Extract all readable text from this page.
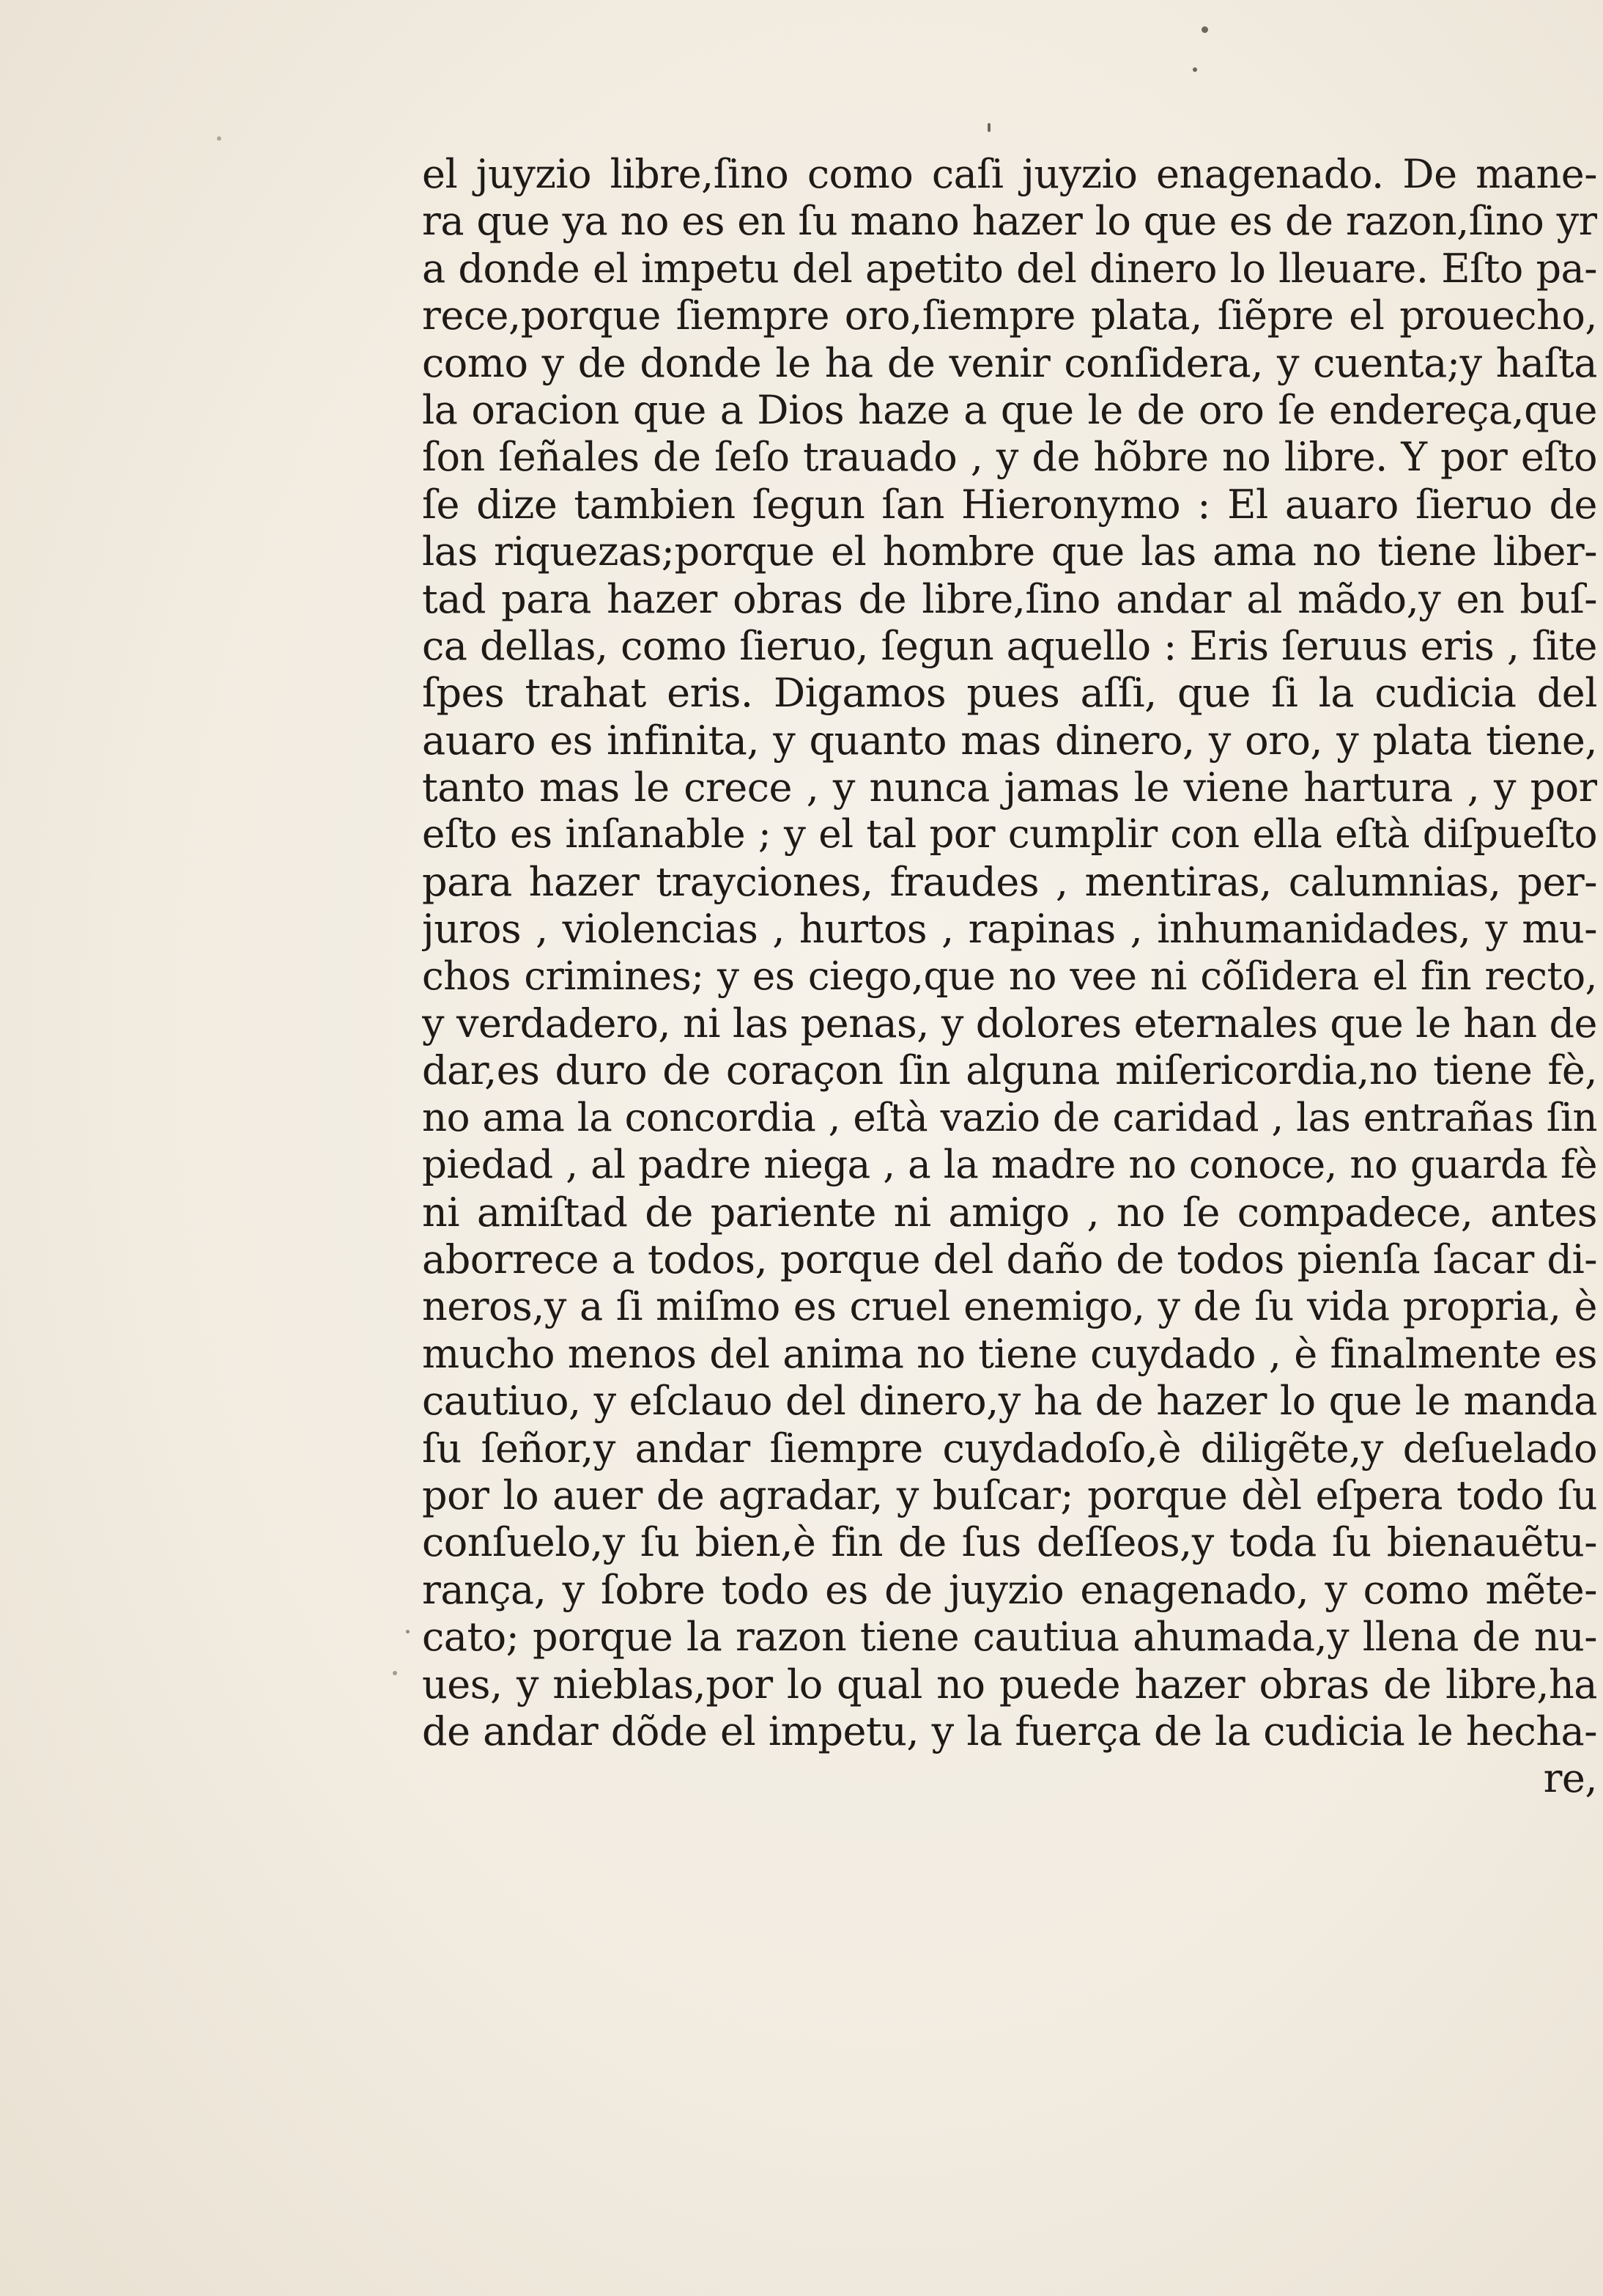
el juyzio libre,ſino como caſi juyzio enagenado. De mane-
ra que ya no es en ſu mano hazer lo que es de razon,ſino yr
a donde el impetu del apetito del dinero lo lleuare. Eſto pa-
rece,porque ſiempre oro,ſiempre plata, ſiẽpre el prouecho,
como y de donde le ha de venir conſidera, y cuenta;y haſta
la oracion que a Dios haze a que le de oro ſe endereça,que
ſon ſeñales de ſeſo trauado , y de hõbre no libre. Y por eſto
ſe dize tambien ſegun ſan Hieronymo : El auaro ſieruo de
las riquezas;porque el hombre que las ama no tiene liber-
tad para hazer obras de libre,ſino andar al mãdo,y en buſ-
ca dellas, como ſieruo, ſegun aquello : Eris ſeruus eris , ſite
ſpes trahat eris. Digamos pues aſſi, que ſi la cudicia del
auaro es infinita, y quanto mas dinero, y oro, y plata tiene,
tanto mas le crece , y nunca jamas le viene hartura , y por
eſto es inſanable ; y el tal por cumplir con ella eſtà diſpueſto
para hazer trayciones, fraudes , mentiras, calumnias, per-
juros , violencias , hurtos , rapinas , inhumanidades, y mu-
chos crimines; y es ciego,que no vee ni cõſidera el fin recto,
y verdadero, ni las penas, y dolores eternales que le han de
dar,es duro de coraçon ſin alguna miſericordia,no tiene fè,
no ama la concordia , eſtà vazio de caridad , las entrañas ſin
piedad , al padre niega , a la madre no conoce, no guarda fè
ni amiſtad de pariente ni amigo , no ſe compadece, antes
aborrece a todos, porque del daño de todos pienſa ſacar di-
neros,y a ſi miſmo es cruel enemigo, y de ſu vida propria, è
mucho menos del anima no tiene cuydado , è finalmente es
cautiuo, y eſclauo del dinero,y ha de hazer lo que le manda
ſu ſeñor,y andar ſiempre cuydadoſo,è diligẽte,y deſuelado
por lo auer de agradar, y buſcar; porque dèl eſpera todo ſu
conſuelo,y ſu bien,è fin de ſus deſſeos,y toda ſu bienauẽtu-
rança, y ſobre todo es de juyzio enagenado, y como mẽte-
cato; porque la razon tiene cautiua ahumada,y llena de nu-
ues, y nieblas,por lo qual no puede hazer obras de libre,ha
de andar dõde el impetu, y la fuerça de la cudicia le hecha-
re,
